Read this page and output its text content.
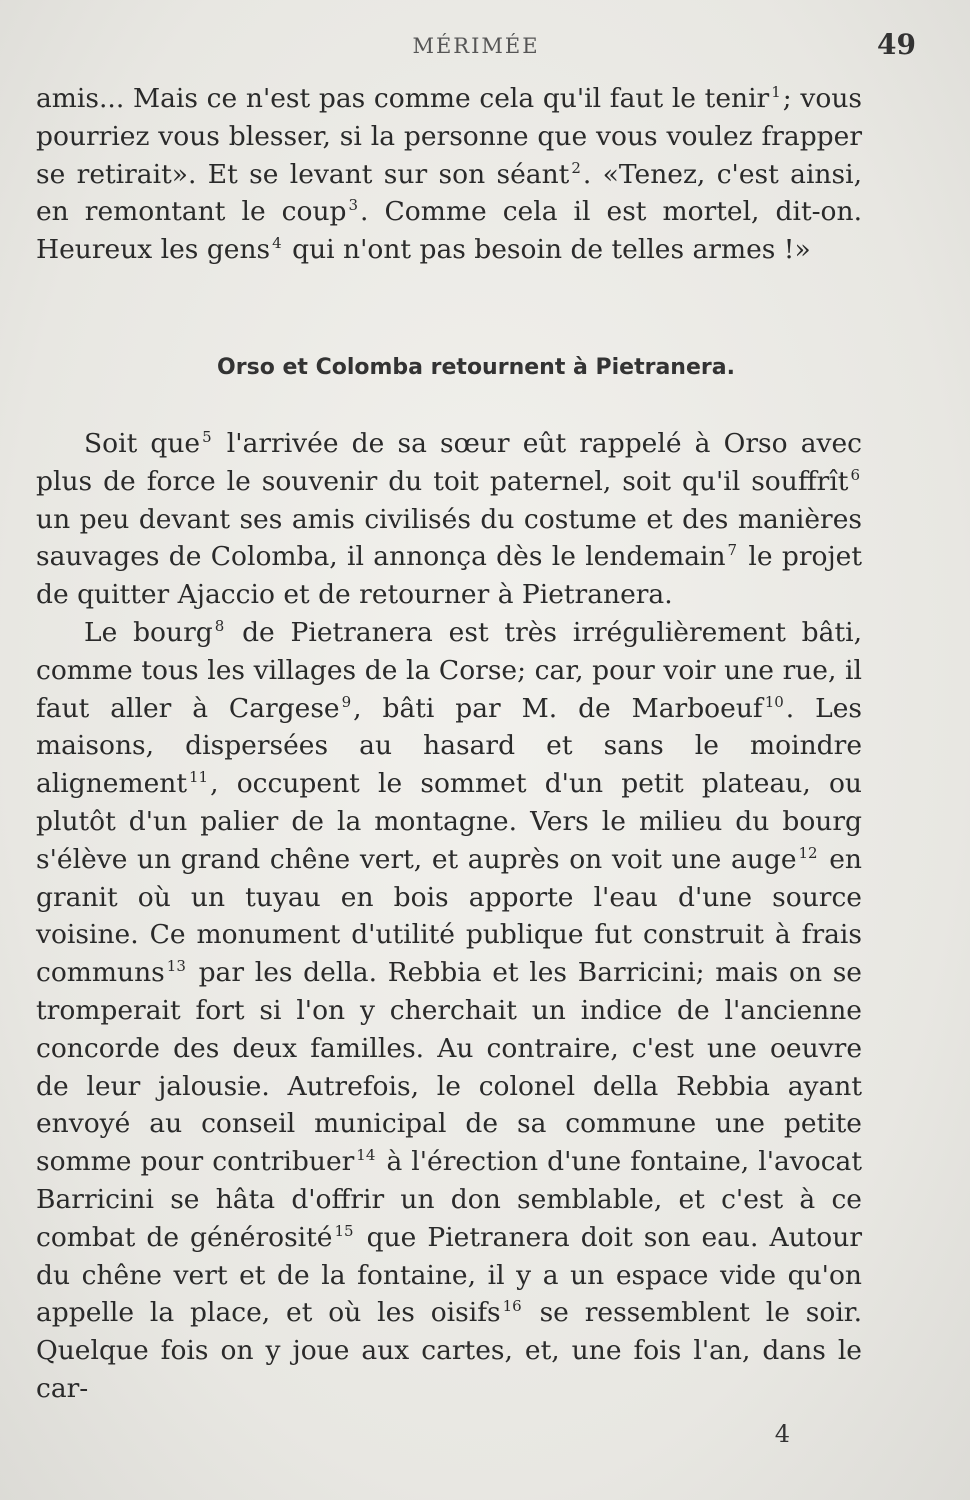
MÉRIMÉE	49

amis... Mais ce n'est pas comme cela qu'il faut le tenir $^1$; vous pourriez vous blesser, si la personne que vous voulez frapper se retirait». Et se levant sur son séant $^2$. «Tenez, c'est ainsi, en remontant le coup $^3$. Comme cela il est mortel, dit-on. Heureux les gens $^4$ qui n'ont pas besoin de telles armes !»

Orso et Colomba retournent à Pietranera.

Soit que $^5$ l'arrivée de sa sœur eût rappelé à Orso avec plus de force le souvenir du toit paternel, soit qu'il souffrît $^6$ un peu devant ses amis civilisés du costume et des manières sauvages de Colomba, il annonça dès le lendemain $^7$ le projet de quitter Ajaccio et de retourner à Pietranera.

Le bourg $^8$ de Pietranera est très irrégulièrement bâti, comme tous les villages de la Corse; car, pour voir une rue, il faut aller à Cargese $^9$, bâti par M. de Marboeuf $^{10}$. Les maisons, dispersées au hasard et sans le moindre alignement $^{11}$, occupent le sommet d'un petit plateau, ou plutôt d'un palier de la montagne. Vers le milieu du bourg s'élève un grand chêne vert, et auprès on voit une auge $^{12}$ en granit où un tuyau en bois apporte l'eau d'une source voisine. Ce monument d'utilité publique fut construit à frais communs $^{13}$ par les della. Rebbia et les Barricini; mais on se tromperait fort si l'on y cherchait un indice de l'ancienne concorde des deux familles. Au contraire, c'est une oeuvre de leur jalousie. Autrefois, le colonel della Rebbia ayant envoyé au conseil municipal de sa commune une petite somme pour contribuer $^{14}$ à l'érection d'une fontaine, l'avocat Barricini se hâta d'offrir un don semblable, et c'est à ce combat de générosité $^{15}$ que Pietranera doit son eau. Autour du chêne vert et de la fontaine, il y a un espace vide qu'on appelle la place, et où les oisifs $^{16}$ se ressemblent le soir. Quelque fois on y joue aux cartes, et, une fois l'an, dans le car-

4
